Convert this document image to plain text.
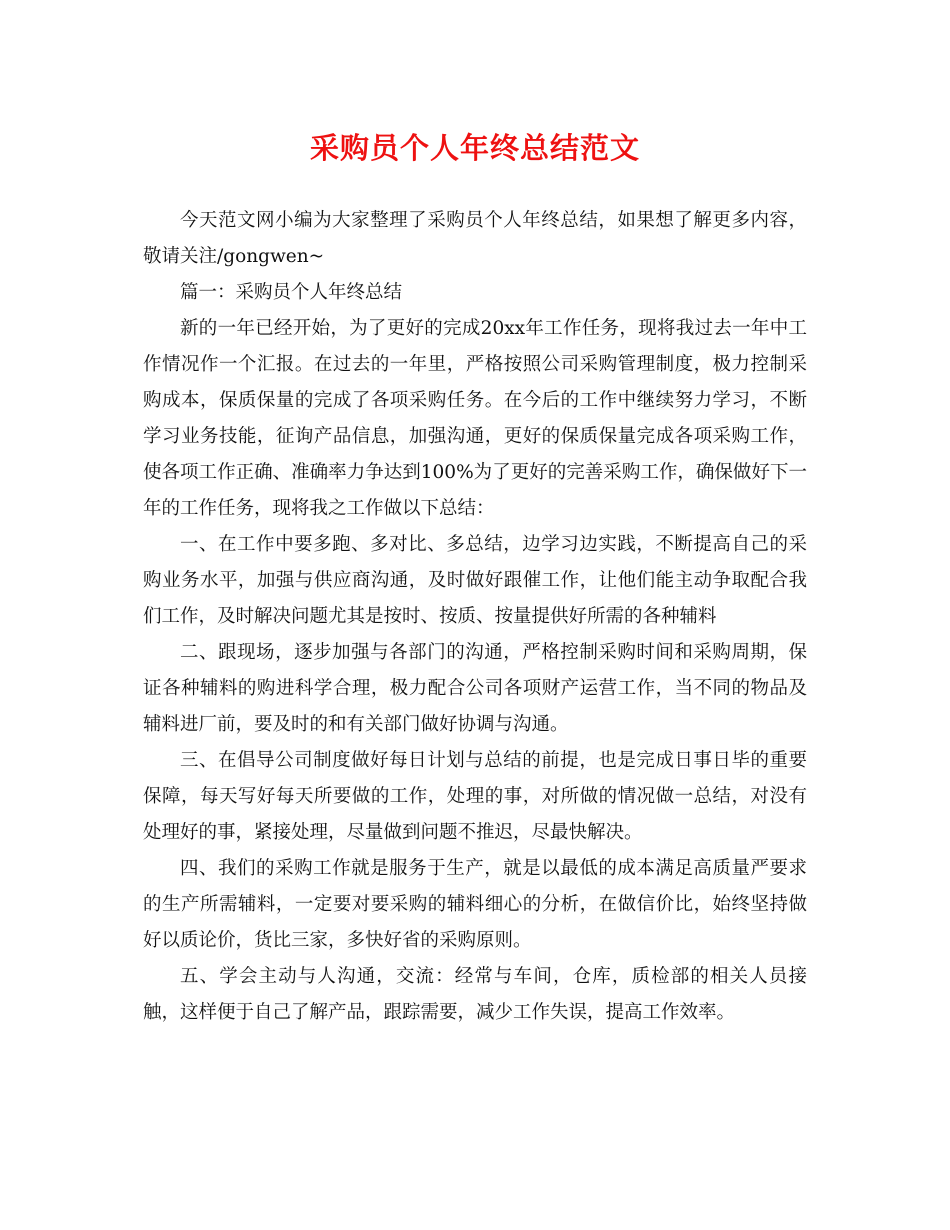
采购员个人年终总结范文

今天范文网小编为大家整理了采购员个人年终总结，如果想了解更多内容，敬请关注/gongwen~

篇一：采购员个人年终总结

新的一年已经开始，为了更好的完成20xx年工作任务，现将我过去一年中工作情况作一个汇报。在过去的一年里，严格按照公司采购管理制度，极力控制采购成本，保质保量的完成了各项采购任务。在今后的工作中继续努力学习，不断学习业务技能，征询产品信息，加强沟通，更好的保质保量完成各项采购工作，使各项工作正确、准确率力争达到100%为了更好的完善采购工作，确保做好下一年的工作任务，现将我之工作做以下总结：

一、在工作中要多跑、多对比、多总结，边学习边实践，不断提高自己的采购业务水平，加强与供应商沟通，及时做好跟催工作，让他们能主动争取配合我们工作，及时解决问题尤其是按时、按质、按量提供好所需的各种辅料

二、跟现场，逐步加强与各部门的沟通，严格控制采购时间和采购周期，保证各种辅料的购进科学合理，极力配合公司各项财产运营工作，当不同的物品及辅料进厂前，要及时的和有关部门做好协调与沟通。

三、在倡导公司制度做好每日计划与总结的前提，也是完成日事日毕的重要保障，每天写好每天所要做的工作，处理的事，对所做的情况做一总结，对没有处理好的事，紧接处理，尽量做到问题不推迟，尽最快解决。

四、我们的采购工作就是服务于生产，就是以最低的成本满足高质量严要求的生产所需辅料，一定要对要采购的辅料细心的分析，在做信价比，始终坚持做好以质论价，货比三家，多快好省的采购原则。

五、学会主动与人沟通，交流：经常与车间，仓库，质检部的相关人员接触，这样便于自己了解产品，跟踪需要，减少工作失误，提高工作效率。
